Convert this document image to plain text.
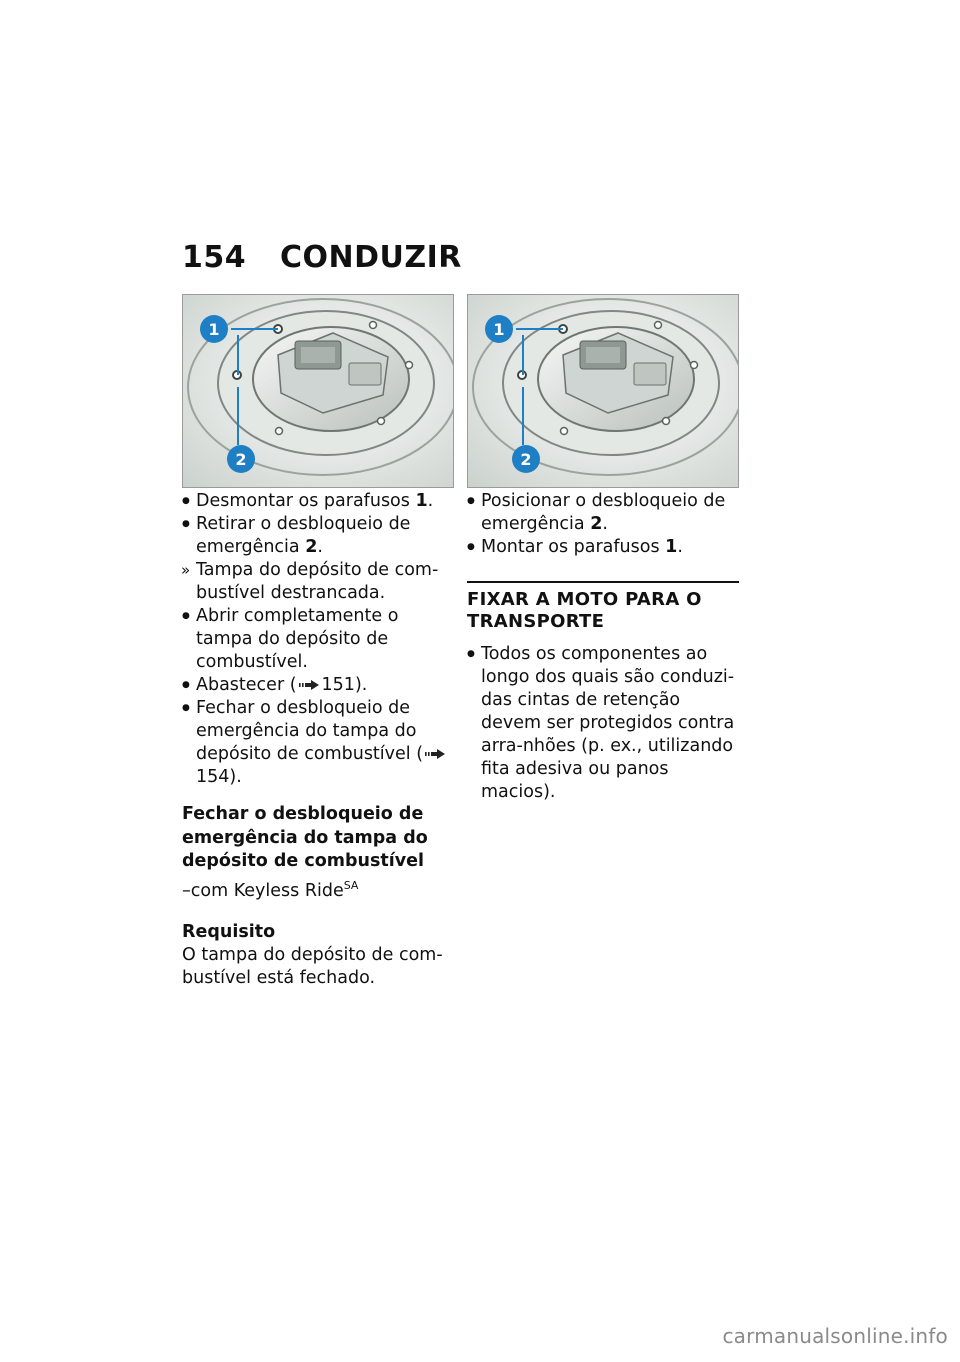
154	CONDUZIR
1
2
1
2

● Desmontar os parafusos 1.

● Retirar o desbloqueio de emergência 2.

» Tampa do depósito de com-bustível destrancada.

● Abrir completamente o tampa do depósito de combustível.

● Abastecer ( 151).

● Fechar o desbloqueio de emergência do tampa do depósito de combustível (154).

Fechar o desbloqueio de emergência do tampa do depósito de combustível

–com Keyless Ride$^{SA}$

Requisito

O tampa do depósito de com-bustível está fechado.

● Posicionar o desbloqueio de emergência 2.

● Montar os parafusos 1.

FIXAR A MOTO PARA O TRANSPORTE

● Todos os componentes ao longo dos quais são conduzi-das cintas de retenção devem ser protegidos contra arra-nhões (p. ex., utilizando fita adesiva ou panos macios).

carmanualsonline.info
